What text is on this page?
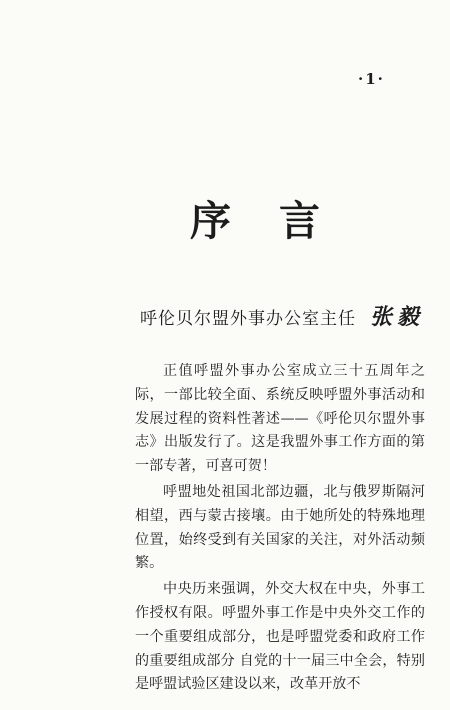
·1·
序言
呼伦贝尔盟外事办公室主任 张毅

正值呼盟外事办公室成立三十五周年之际，一部比较全面、系统反映呼盟外事活动和发展过程的资料性著述——《呼伦贝尔盟外事志》出版发行了。这是我盟外事工作方面的第一部专著，可喜可贺！

呼盟地处祖国北部边疆，北与俄罗斯隔河相望，西与蒙古接壤。由于她所处的特殊地理位置，始终受到有关国家的关注，对外活动频繁。

中央历来强调，外交大权在中央，外事工作授权有限。呼盟外事工作是中央外交工作的一个重要组成部分，也是呼盟党委和政府工作的重要组成部分 自党的十一届三中全会，特别是呼盟试验区建设以来，改革开放不
